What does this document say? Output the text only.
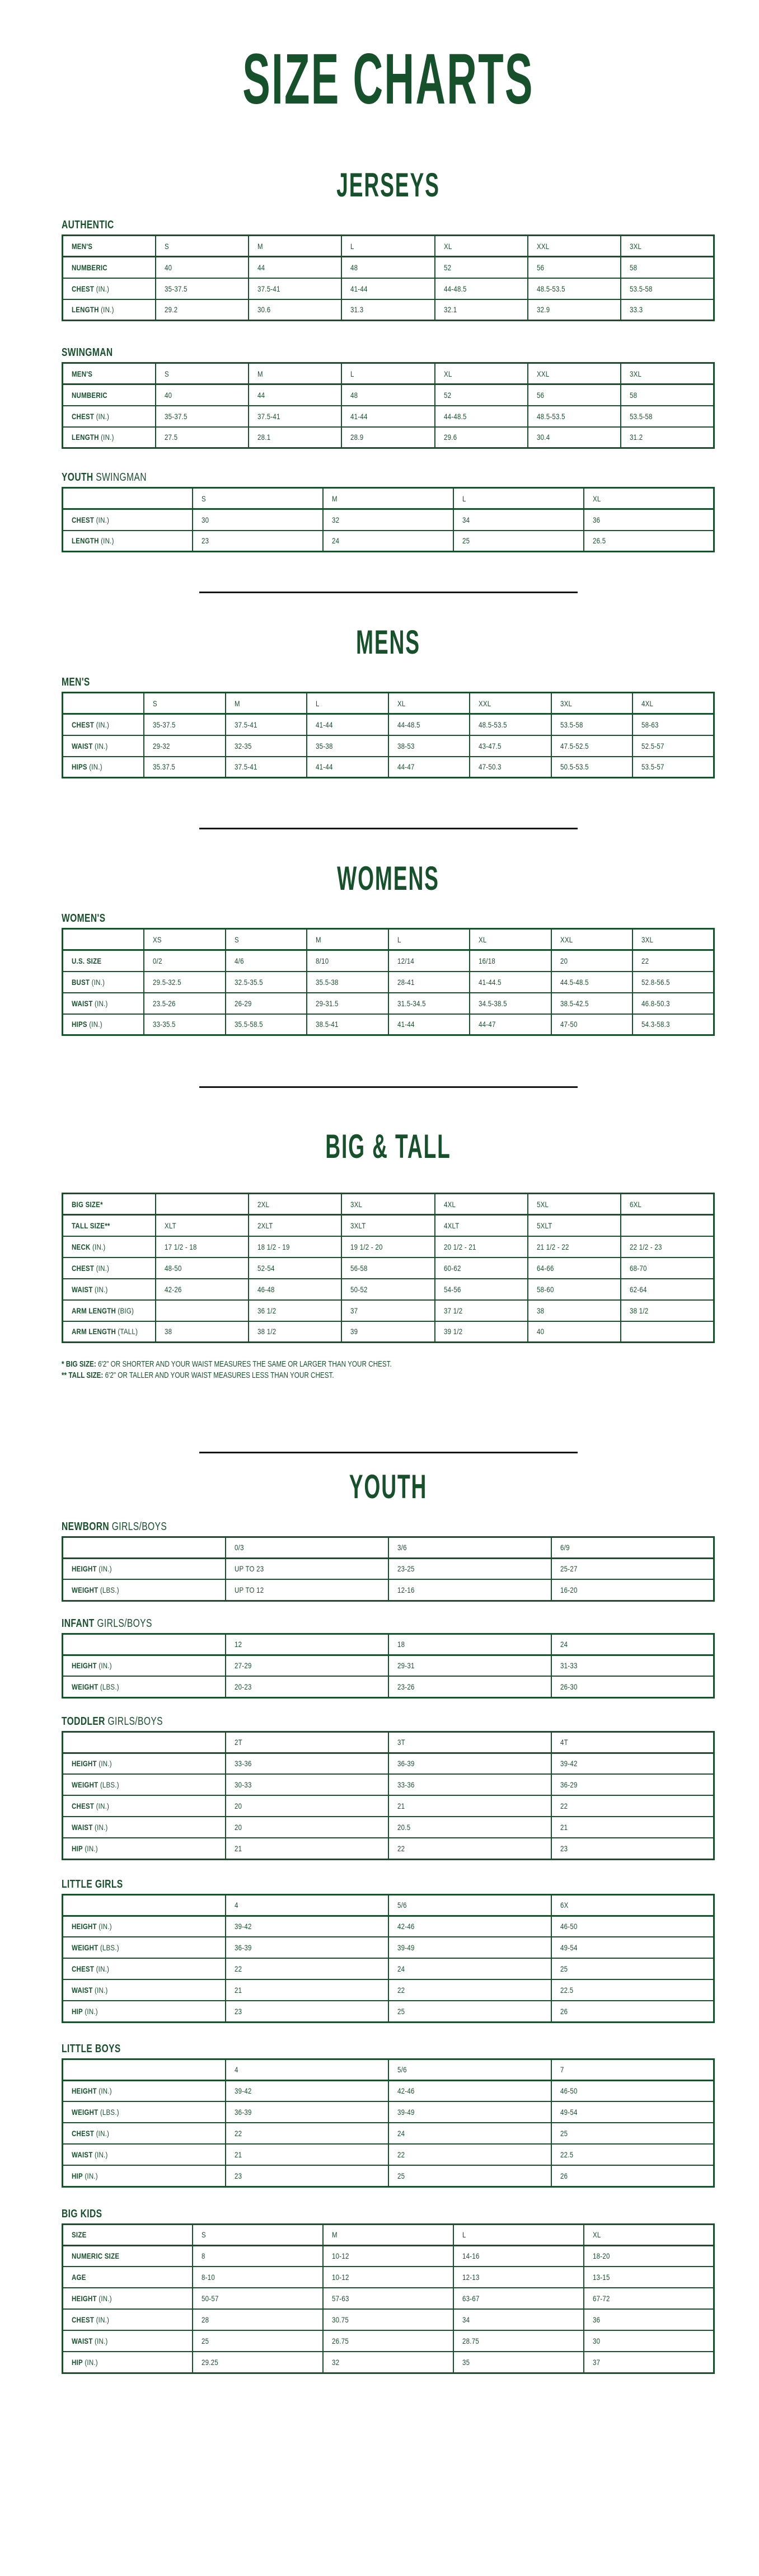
SIZE CHARTS
JERSEYS
AUTHENTIC
MEN'S	S	M	L	XL	XXL	3XL
NUMBERIC	40	44	48	52	56	58
CHEST (IN.)	35-37.5	37.5-41	41-44	44-48.5	48.5-53.5	53.5-58
LENGTH (IN.)	29.2	30.6	31.3	32.1	32.9	33.3
SWINGMAN
MEN'S	S	M	L	XL	XXL	3XL
NUMBERIC	40	44	48	52	56	58
CHEST (IN.)	35-37.5	37.5-41	41-44	44-48.5	48.5-53.5	53.5-58
LENGTH (IN.)	27.5	28.1	28.9	29.6	30.4	31.2
YOUTH SWINGMAN
	S	M	L	XL
CHEST (IN.)	30	32	34	36
LENGTH (IN.)	23	24	25	26.5
MENS
MEN'S
	S	M	L	XL	XXL	3XL	4XL
CHEST (IN.)	35-37.5	37.5-41	41-44	44-48.5	48.5-53.5	53.5-58	58-63
WAIST (IN.)	29-32	32-35	35-38	38-53	43-47.5	47.5-52.5	52.5-57
HIPS (IN.)	35.37.5	37.5-41	41-44	44-47	47-50.3	50.5-53.5	53.5-57
WOMENS
WOMEN'S
	XS	S	M	L	XL	XXL	3XL
U.S. SIZE	0/2	4/6	8/10	12/14	16/18	20	22
BUST (IN.)	29.5-32.5	32.5-35.5	35.5-38	28-41	41-44.5	44.5-48.5	52.8-56.5
WAIST (IN.)	23.5-26	26-29	29-31.5	31.5-34.5	34.5-38.5	38.5-42.5	46.8-50.3
HIPS (IN.)	33-35.5	35.5-58.5	38.5-41	41-44	44-47	47-50	54.3-58.3
BIG & TALL
BIG SIZE*		2XL	3XL	4XL	5XL	6XL
TALL SIZE**	XLT	2XLT	3XLT	4XLT	5XLT	
NECK (IN.)	17 1/2 - 18	18 1/2 - 19	19 1/2 - 20	20 1/2 - 21	21 1/2 - 22	22 1/2 - 23
CHEST (IN.)	48-50	52-54	56-58	60-62	64-66	68-70
WAIST (IN.)	42-26	46-48	50-52	54-56	58-60	62-64
ARM LENGTH (BIG)		36 1/2	37	37 1/2	38	38 1/2
ARM LENGTH (TALL)	38	38 1/2	39	39 1/2	40	
* BIG SIZE: 6'2" OR SHORTER AND YOUR WAIST MEASURES THE SAME OR LARGER THAN YOUR CHEST.
** TALL SIZE: 6'2" OR TALLER AND YOUR WAIST MEASURES LESS THAN YOUR CHEST.
YOUTH
NEWBORN GIRLS/BOYS
	0/3	3/6	6/9
HEIGHT (IN.)	UP TO 23	23-25	25-27
WEIGHT (LBS.)	UP TO 12	12-16	16-20
INFANT GIRLS/BOYS
	12	18	24
HEIGHT (IN.)	27-29	29-31	31-33
WEIGHT (LBS.)	20-23	23-26	26-30
TODDLER GIRLS/BOYS
	2T	3T	4T
HEIGHT (IN.)	33-36	36-39	39-42
WEIGHT (LBS.)	30-33	33-36	36-29
CHEST (IN.)	20	21	22
WAIST (IN.)	20	20.5	21
HIP (IN.)	21	22	23
LITTLE GIRLS
	4	5/6	6X
HEIGHT (IN.)	39-42	42-46	46-50
WEIGHT (LBS.)	36-39	39-49	49-54
CHEST (IN.)	22	24	25
WAIST (IN.)	21	22	22.5
HIP (IN.)	23	25	26
LITTLE BOYS
	4	5/6	7
HEIGHT (IN.)	39-42	42-46	46-50
WEIGHT (LBS.)	36-39	39-49	49-54
CHEST (IN.)	22	24	25
WAIST (IN.)	21	22	22.5
HIP (IN.)	23	25	26
BIG KIDS
SIZE	S	M	L	XL
NUMERIC SIZE	8	10-12	14-16	18-20
AGE	8-10	10-12	12-13	13-15
HEIGHT (IN.)	50-57	57-63	63-67	67-72
CHEST (IN.)	28	30.75	34	36
WAIST (IN.)	25	26.75	28.75	30
HIP (IN.)	29.25	32	35	37
